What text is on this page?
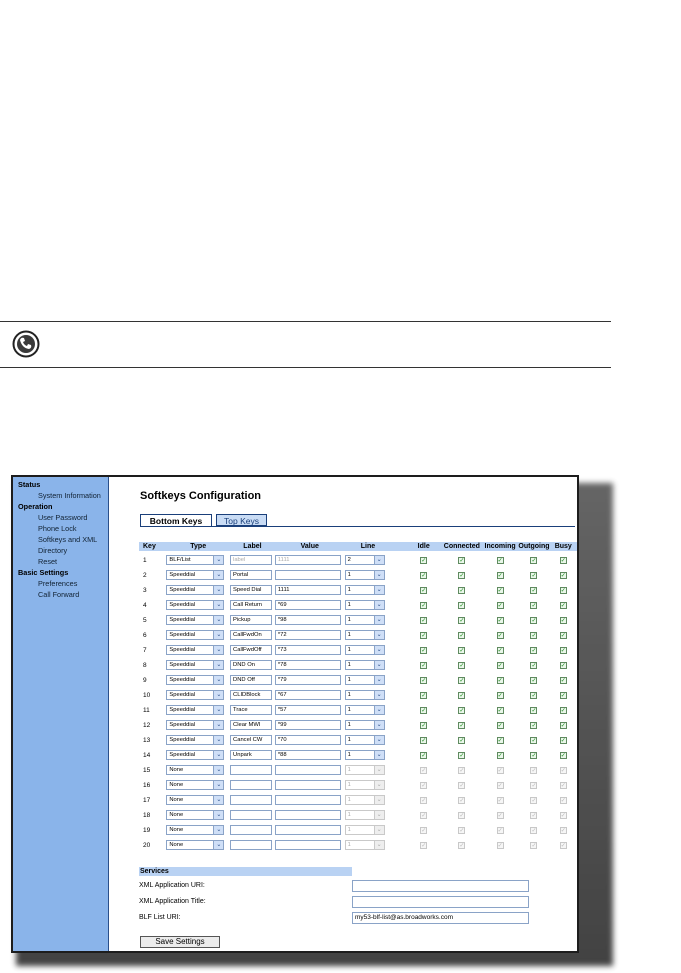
Status
System Information
Operation
User Password
Phone Lock
Softkeys and XML
Directory
Reset
Basic Settings
Preferences
Call Forward
Softkeys Configuration
Bottom Keys	Top Keys
Key	Type	Label	Value	Line		Idle	Connected	Incoming	Outgoing	Busy
1	BLF/List ⌄	label	1111	2 ⌄		✓	✓	✓	✓	✓

2	Speeddial ⌄	Portal		1 ⌄		✓	✓	✓	✓	✓

3	Speeddial ⌄	Speed Dial	1111	1 ⌄		✓	✓	✓	✓	✓

4	Speeddial ⌄	Call Return	*69	1 ⌄		✓	✓	✓	✓	✓

5	Speeddial ⌄	Pickup	*98	1 ⌄		✓	✓	✓	✓	✓

6	Speeddial ⌄	CallFwdOn	*72	1 ⌄		✓	✓	✓	✓	✓

7	Speeddial ⌄	CallFwdOff	*73	1 ⌄		✓	✓	✓	✓	✓

8	Speeddial ⌄	DND On	*78	1 ⌄		✓	✓	✓	✓	✓

9	Speeddial ⌄	DND Off	*79	1 ⌄		✓	✓	✓	✓	✓

10	Speeddial ⌄	CLIDBlock	*67	1 ⌄		✓	✓	✓	✓	✓

11	Speeddial ⌄	Trace	*57	1 ⌄		✓	✓	✓	✓	✓

12	Speeddial ⌄	Clear MWI	*99	1 ⌄		✓	✓	✓	✓	✓

13	Speeddial ⌄	Cancel CW	*70	1 ⌄		✓	✓	✓	✓	✓

14	Speeddial ⌄	Unpark	*88	1 ⌄		✓	✓	✓	✓	✓

15	None ⌄			1 ⌄		✓	✓	✓	✓	✓

16	None ⌄			1 ⌄		✓	✓	✓	✓	✓

17	None ⌄			1 ⌄		✓	✓	✓	✓	✓

18	None ⌄			1 ⌄		✓	✓	✓	✓	✓

19	None ⌄			1 ⌄		✓	✓	✓	✓	✓

20	None ⌄			1 ⌄		✓	✓	✓	✓	✓
Services
XML Application URI:
XML Application Title:
BLF List URI:	my53-blf-list@as.broadworks.com
Save Settings
